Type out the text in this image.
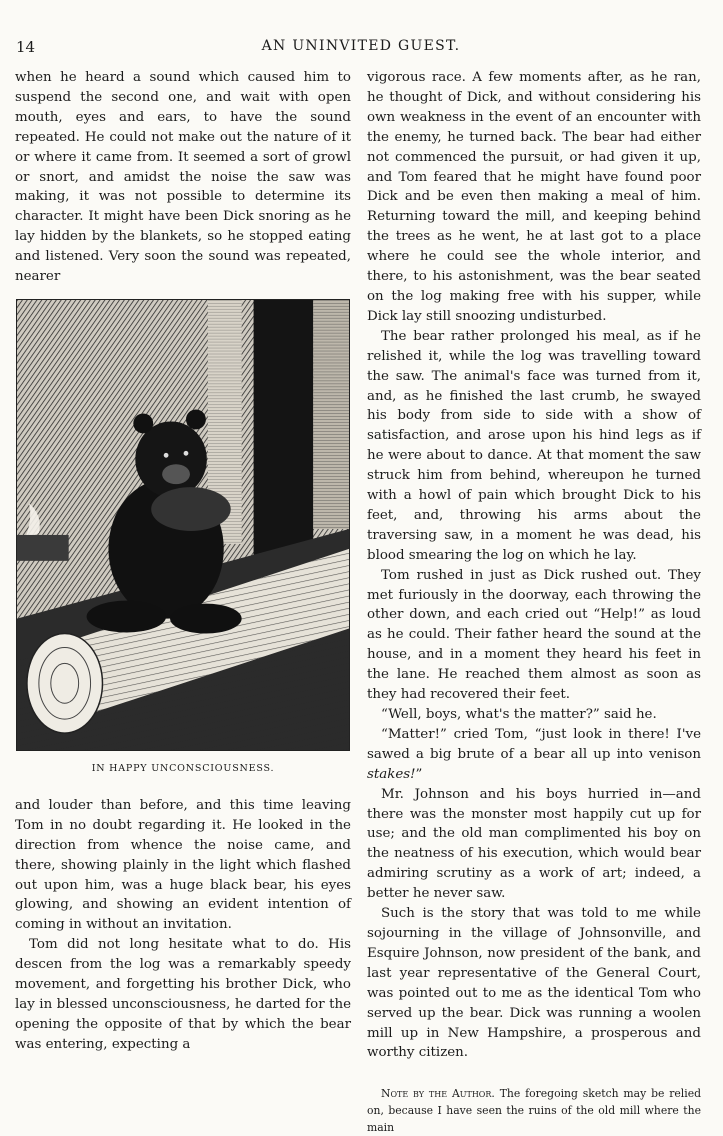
14	AN UNINVITED GUEST.

when he heard a sound which caused him to suspend the second one, and wait with open mouth, eyes and ears, to have the sound repeated. He could not make out the nature of it or where it came from. It seemed a sort of growl or snort, and amidst the noise the saw was making, it was not possible to determine its character. It might have been Dick snoring as he lay hidden by the blankets, so he stopped eating and listened. Very soon the sound was repeated, nearer

IN HAPPY UNCONSCIOUSNESS.

and louder than before, and this time leaving Tom in no doubt regarding it. He looked in the direction from whence the noise came, and there, showing plainly in the light which flashed out upon him, was a huge black bear, his eyes glowing, and showing an evident intention of coming in without an invitation.

Tom did not long hesitate what to do. His descen from the log was a remarkably speedy movement, and forgetting his brother Dick, who lay in blessed unconsciousness, he darted for the opening the opposite of that by which the bear was entering, expecting a

vigorous race. A few moments after, as he ran, he thought of Dick, and without considering his own weakness in the event of an encounter with the enemy, he turned back. The bear had either not commenced the pursuit, or had given it up, and Tom feared that he might have found poor Dick and be even then making a meal of him. Returning toward the mill, and keeping behind the trees as he went, he at last got to a place where he could see the whole interior, and there, to his astonishment, was the bear seated on the log making free with his supper, while Dick lay still snoozing undisturbed.

The bear rather prolonged his meal, as if he relished it, while the log was travelling toward the saw. The animal's face was turned from it, and, as he finished the last crumb, he swayed his body from side to side with a show of satisfaction, and arose upon his hind legs as if he were about to dance. At that moment the saw struck him from behind, whereupon he turned with a howl of pain which brought Dick to his feet, and, throwing his arms about the traversing saw, in a moment he was dead, his blood smearing the log on which he lay.

Tom rushed in just as Dick rushed out. They met furiously in the doorway, each throwing the other down, and each cried out “Help!” as loud as he could. Their father heard the sound at the house, and in a moment they heard his feet in the lane. He reached them almost as soon as they had recovered their feet.

“Well, boys, what's the matter?” said he.

“Matter!” cried Tom, “just look in there! I've sawed a big brute of a bear all up into venison stakes!”

Mr. Johnson and his boys hurried in—and there was the monster most happily cut up for use; and the old man complimented his boy on the neatness of his execution, which would bear admiring scrutiny as a work of art; indeed, a better he never saw.

Such is the story that was told to me while sojourning in the village of Johnsonville, and Esquire Johnson, now president of the bank, and last year representative of the General Court, was pointed out to me as the identical Tom who served up the bear. Dick was running a woolen mill up in New Hampshire, a prosperous and worthy citizen.

Note by the Author. The foregoing sketch may be relied on, because I have seen the ruins of the old mill where the main
